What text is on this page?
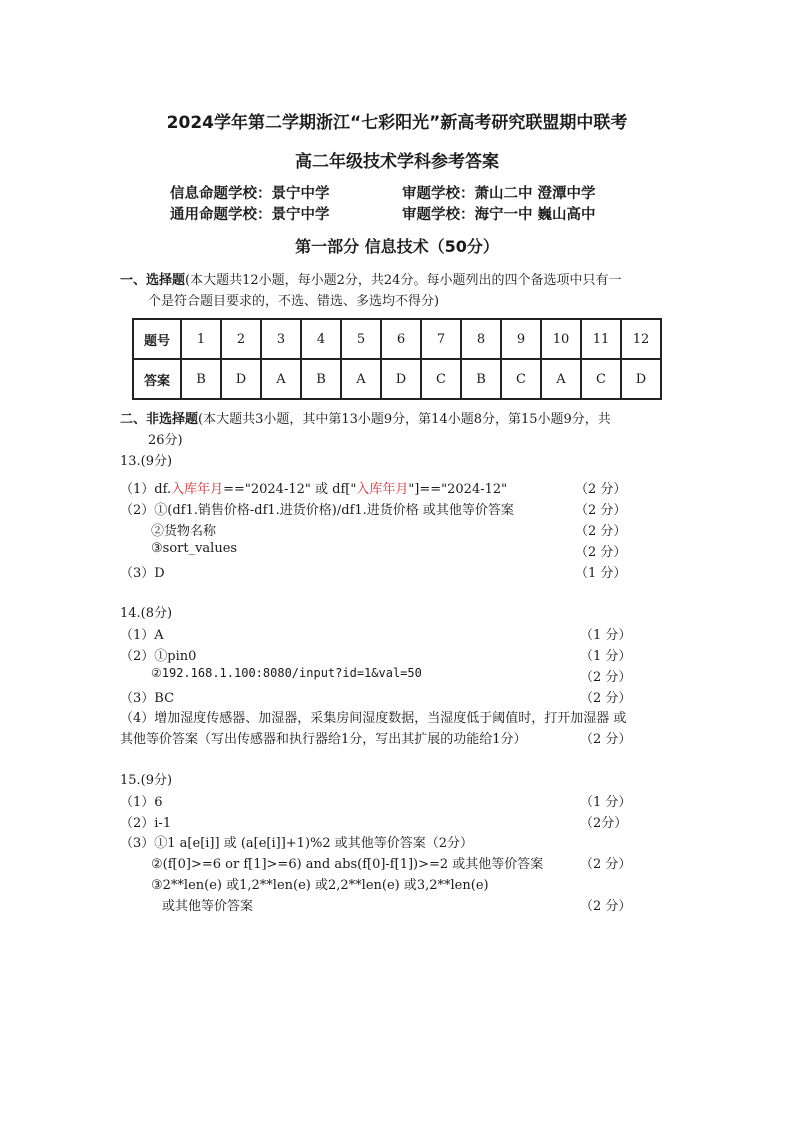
2024学年第二学期浙江“七彩阳光”新高考研究联盟期中联考
高二年级技术学科参考答案
信息命题学校：景宁中学	审题学校：萧山二中 澄潭中学
通用命题学校：景宁中学	审题学校：海宁一中 巍山高中
第一部分 信息技术（50分）
一、选择题(本大题共12小题，每小题2分，共24分。每小题列出的四个备选项中只有一
个是符合题目要求的，不选、错选、多选均不得分)
题号	1	2	3	4	5	6	7	8	9	10	11	12
答案	B	D	A	B	A	D	C	B	C	A	C	D
二、非选择题(本大题共3小题，其中第13小题9分，第14小题8分，第15小题9分，共
26分)
13.(9分)
（1）df.入库年月=="2024-12" 或 df["入库年月"]=="2024-12"	（2 分）
（2）①(df1.销售价格-df1.进货价格)/df1.进货价格 或其他等价答案	（2 分）
②货物名称	（2 分）
③sort_values	（2 分）
（3）D	（1 分）
14.(8分)
（1）A	（1 分）
（2）①pin0	（1 分）
②192.168.1.100:8080/input?id=1&val=50	（2 分）
（3）BC	（2 分）
（4）增加湿度传感器、加湿器，采集房间湿度数据，当湿度低于阈值时，打开加湿器 或
其他等价答案（写出传感器和执行器给1分，写出其扩展的功能给1分）	（2 分）
15.(9分)
（1）6	（1 分）
（2）i-1	（2分）
（3）①1 a[e[i]] 或 (a[e[i]]+1)%2 或其他等价答案（2分）
②(f[0]>=6 or f[1]>=6) and abs(f[0]-f[1])>=2 或其他等价答案	（2 分）
③2**len(e) 或1,2**len(e) 或2,2**len(e) 或3,2**len(e)
或其他等价答案	（2 分）
